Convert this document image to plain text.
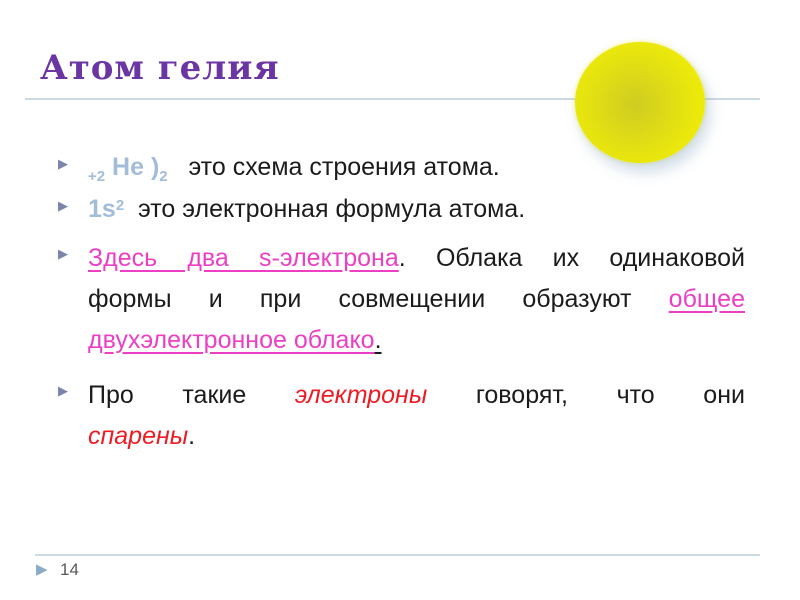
Атом гелия
▶
$_{+2}$ He )$_2$   это схема строения атома.
▶ $1s^2$  это электронная формула атома.
▶ Здесь два s-электрона. Облака их одинаковой
формы и при совмещении образуют общее
двухэлектронное облако.
▶ Про такие электроны говорят, что они
спарены.
▶ 14
